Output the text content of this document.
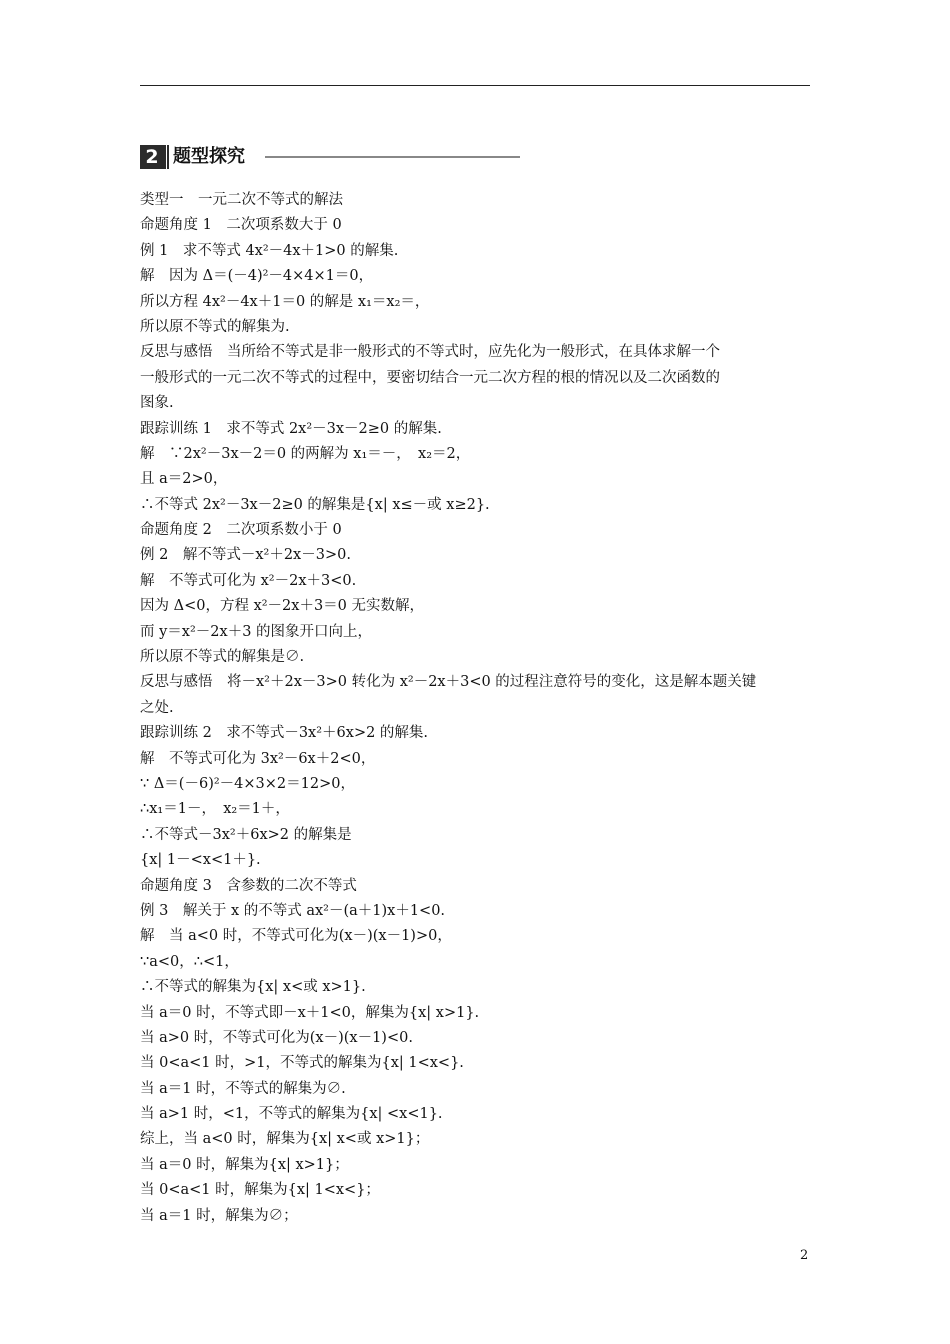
2 题型探究
类型一　一元二次不等式的解法
命题角度 1　二次项系数大于 0
例 1　求不等式 4x²－4x＋1>0 的解集.
解　因为 Δ＝(－4)²－4×4×1＝0，
所以方程 4x²－4x＋1＝0 的解是 x₁＝x₂＝，
所以原不等式的解集为.
反思与感悟　当所给不等式是非一般形式的不等式时，应先化为一般形式，在具体求解一个
一般形式的一元二次不等式的过程中，要密切结合一元二次方程的根的情况以及二次函数的
图象.
跟踪训练 1　求不等式 2x²－3x－2≥0 的解集.
解　∵2x²－3x－2＝0 的两解为 x₁＝－，　x₂＝2，
且 a＝2>0，
∴不等式 2x²－3x－2≥0 的解集是{x| x≤－或 x≥2}.
命题角度 2　二次项系数小于 0
例 2　解不等式－x²＋2x－3>0.
解　不等式可化为 x²－2x＋3<0.
因为 Δ<0，方程 x²－2x＋3＝0 无实数解，
而 y＝x²－2x＋3 的图象开口向上，
所以原不等式的解集是∅.
反思与感悟　将－x²＋2x－3>0 转化为 x²－2x＋3<0 的过程注意符号的变化，这是解本题关键
之处.
跟踪训练 2　求不等式－3x²＋6x>2 的解集.
解　不等式可化为 3x²－6x＋2<0，
∵ Δ＝(－6)²－4×3×2＝12>0，
∴x₁＝1－，　x₂＝1＋，
∴不等式－3x²＋6x>2 的解集是
{x| 1－<x<1＋}.
命题角度 3　含参数的二次不等式
例 3　解关于 x 的不等式 ax²－(a＋1)x＋1<0.
解　当 a<0 时，不等式可化为(x－)(x－1)>0，
∵a<0，∴<1，
∴不等式的解集为{x| x<或 x>1}.
当 a＝0 时，不等式即－x＋1<0，解集为{x| x>1}.
当 a>0 时，不等式可化为(x－)(x－1)<0.
当 0<a<1 时，>1，不等式的解集为{x| 1<x<}.
当 a＝1 时，不等式的解集为∅.
当 a>1 时，<1，不等式的解集为{x| <x<1}.
综上，当 a<0 时，解集为{x| x<或 x>1}；
当 a＝0 时，解集为{x| x>1}；
当 0<a<1 时，解集为{x| 1<x<}；
当 a＝1 时，解集为∅；
2
